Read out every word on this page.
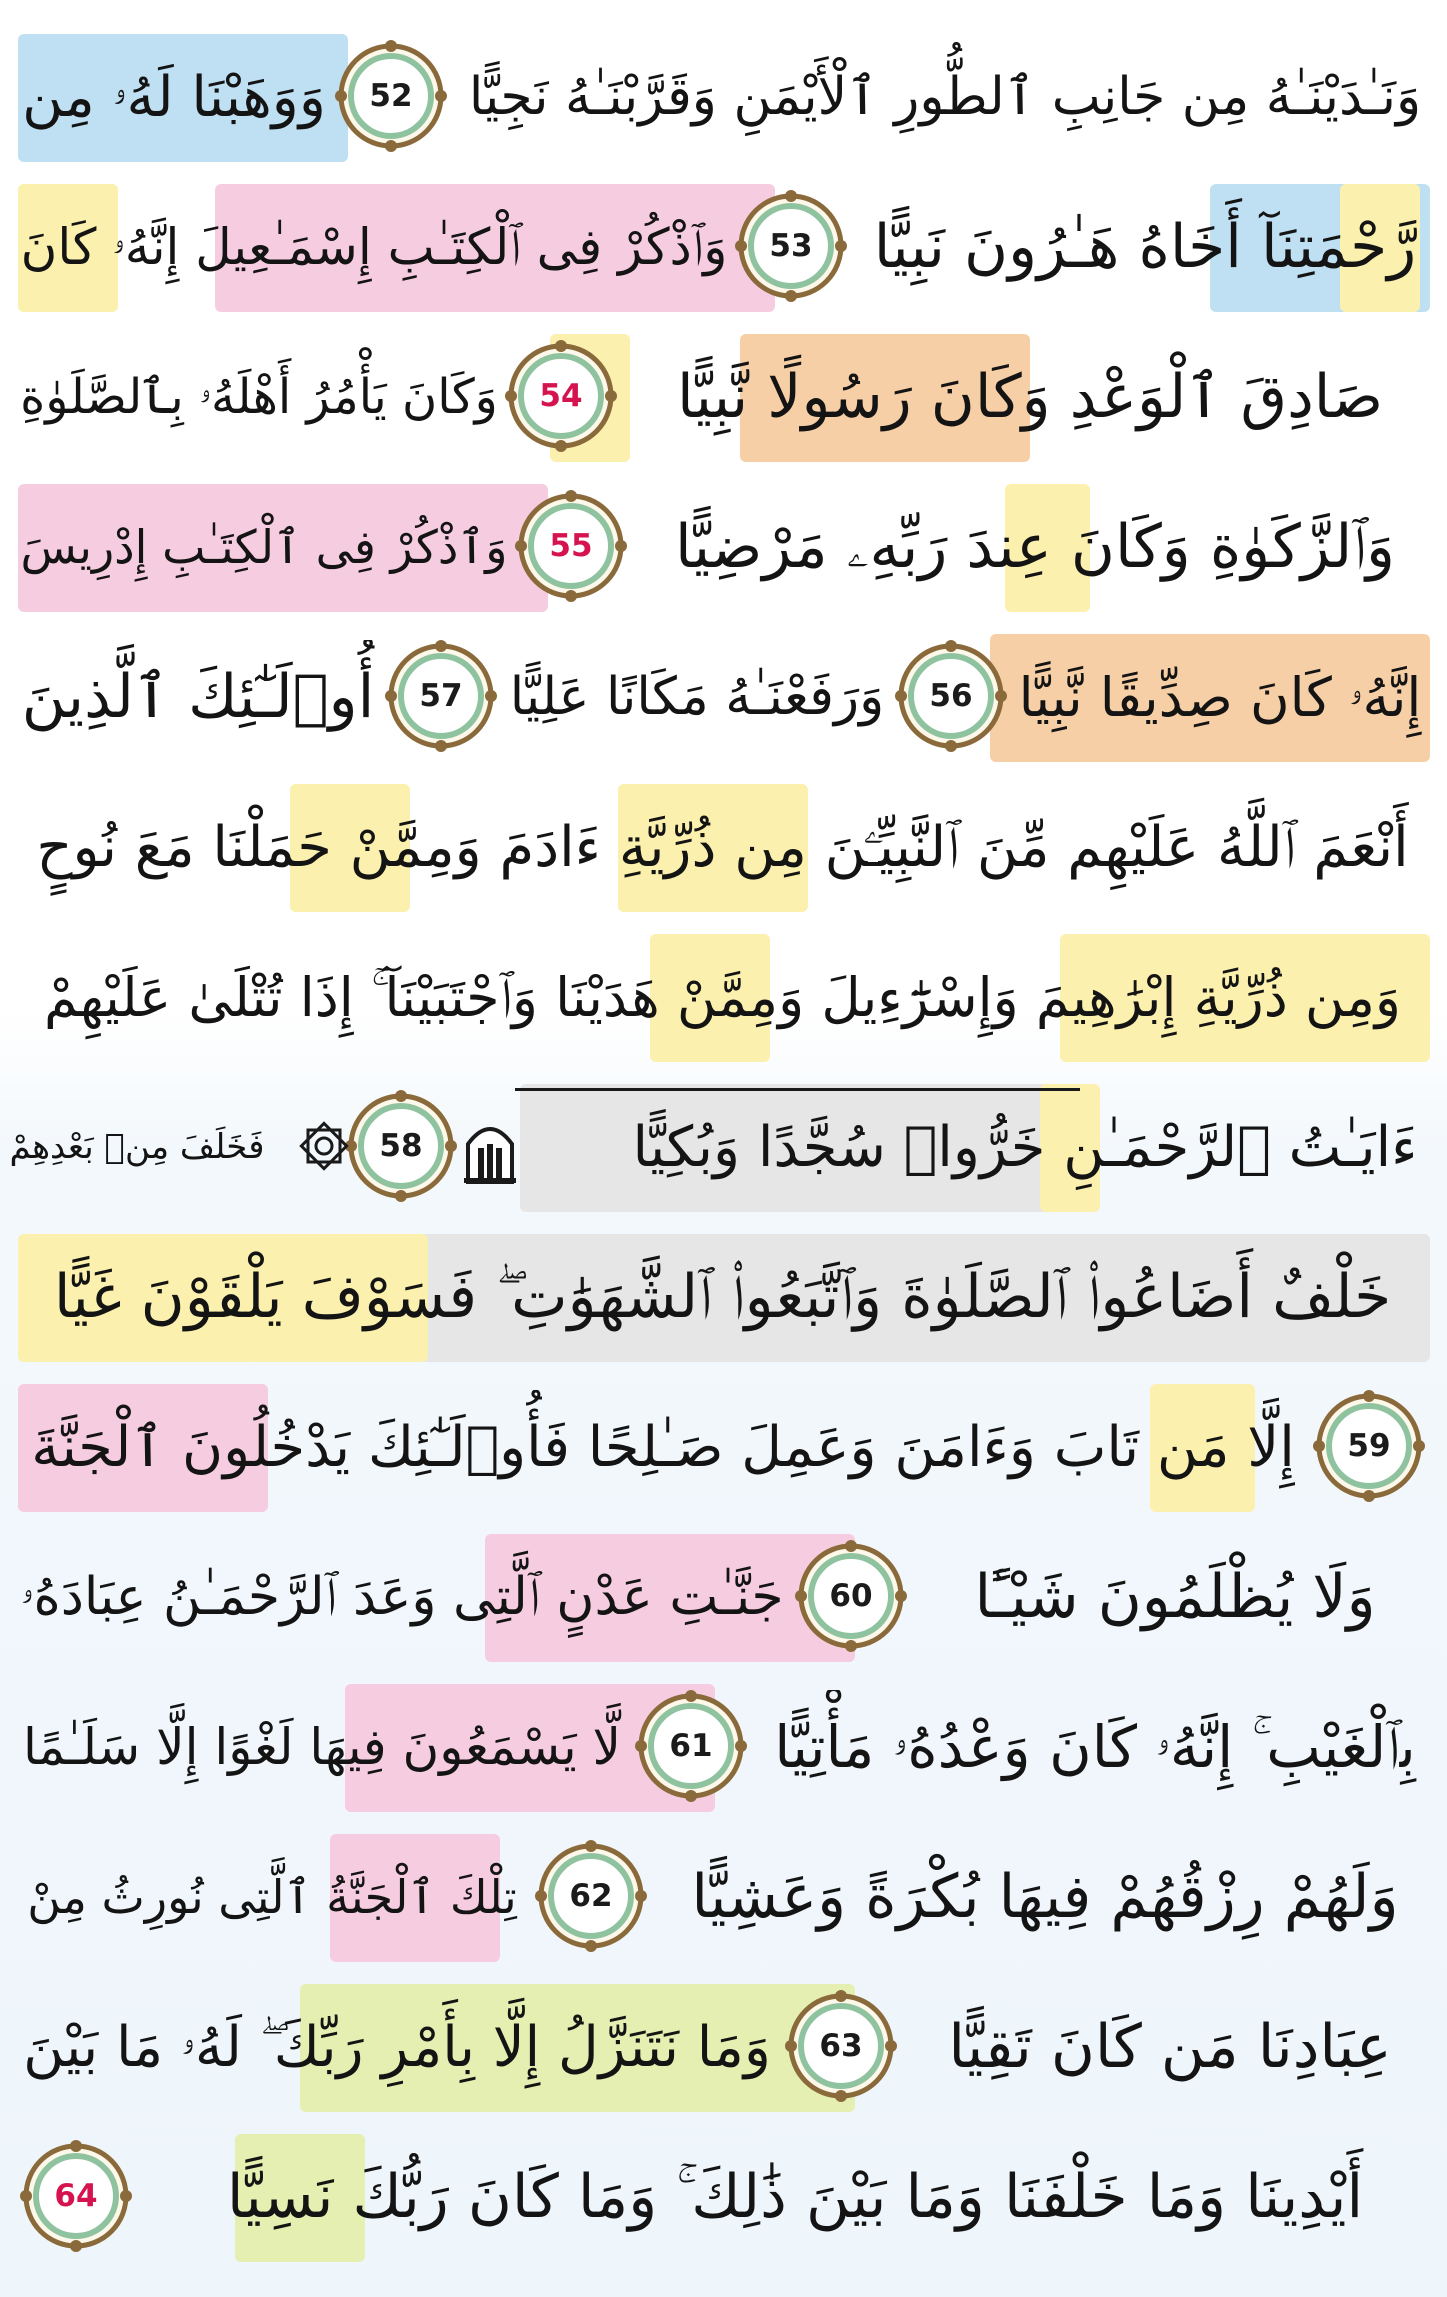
وَنَـٰدَيْنَـٰهُ مِن جَانِبِ ٱلطُّورِ ٱلْأَيْمَنِ وَقَرَّبْنَـٰهُ نَجِيًّا
52
وَوَهَبْنَا لَهُۥ مِن
رَّحْمَتِنَآ أَخَاهُ هَـٰرُونَ نَبِيًّا
53
وَٱذْكُرْ فِى ٱلْكِتَـٰبِ إِسْمَـٰعِيلَ إِنَّهُۥ كَانَ
صَادِقَ ٱلْوَعْدِ وَكَانَ رَسُولًا نَّبِيًّا
54
وَكَانَ يَأْمُرُ أَهْلَهُۥ بِٱلصَّلَوٰةِ
وَٱلزَّكَوٰةِ وَكَانَ عِندَ رَبِّهِۦ مَرْضِيًّا
55
وَٱذْكُرْ فِى ٱلْكِتَـٰبِ إِدْرِيسَ
إِنَّهُۥ كَانَ صِدِّيقًا نَّبِيًّا
56
وَرَفَعْنَـٰهُ مَكَانًا عَلِيًّا
57
أُو۟لَـٰٓئِكَ ٱلَّذِينَ
أَنْعَمَ ٱللَّهُ عَلَيْهِم مِّنَ ٱلنَّبِيِّـۧنَ مِن ذُرِّيَّةِ ءَادَمَ وَمِمَّنْ حَمَلْنَا مَعَ نُوحٍ
وَمِن ذُرِّيَّةِ إِبْرَٰهِيمَ وَإِسْرَٰٓءِيلَ وَمِمَّنْ هَدَيْنَا وَٱجْتَبَيْنَآ ۚ إِذَا تُتْلَىٰ عَلَيْهِمْ
ءَايَـٰتُ ٱلرَّحْمَـٰنِ خَرُّوا۟ سُجَّدًا وَبُكِيًّا
58
فَخَلَفَ مِنۢ بَعْدِهِمْ
خَلْفٌ أَضَاعُوا۟ ٱلصَّلَوٰةَ وَٱتَّبَعُوا۟ ٱلشَّهَوَٰتِ ۖ فَسَوْفَ يَلْقَوْنَ غَيًّا
59
إِلَّا مَن تَابَ وَءَامَنَ وَعَمِلَ صَـٰلِحًا فَأُو۟لَـٰٓئِكَ يَدْخُلُونَ ٱلْجَنَّةَ
وَلَا يُظْلَمُونَ شَيْـًٔا
60
جَنَّـٰتِ عَدْنٍ ٱلَّتِى وَعَدَ ٱلرَّحْمَـٰنُ عِبَادَهُۥ
بِٱلْغَيْبِ ۚ إِنَّهُۥ كَانَ وَعْدُهُۥ مَأْتِيًّا
61
لَّا يَسْمَعُونَ فِيهَا لَغْوًا إِلَّا سَلَـٰمًا
وَلَهُمْ رِزْقُهُمْ فِيهَا بُكْرَةً وَعَشِيًّا
62
تِلْكَ ٱلْجَنَّةُ ٱلَّتِى نُورِثُ مِنْ
عِبَادِنَا مَن كَانَ تَقِيًّا
63
وَمَا نَتَنَزَّلُ إِلَّا بِأَمْرِ رَبِّكَ ۖ لَهُۥ مَا بَيْنَ
أَيْدِينَا وَمَا خَلْفَنَا وَمَا بَيْنَ ذَٰلِكَ ۚ وَمَا كَانَ رَبُّكَ نَسِيًّا
64
